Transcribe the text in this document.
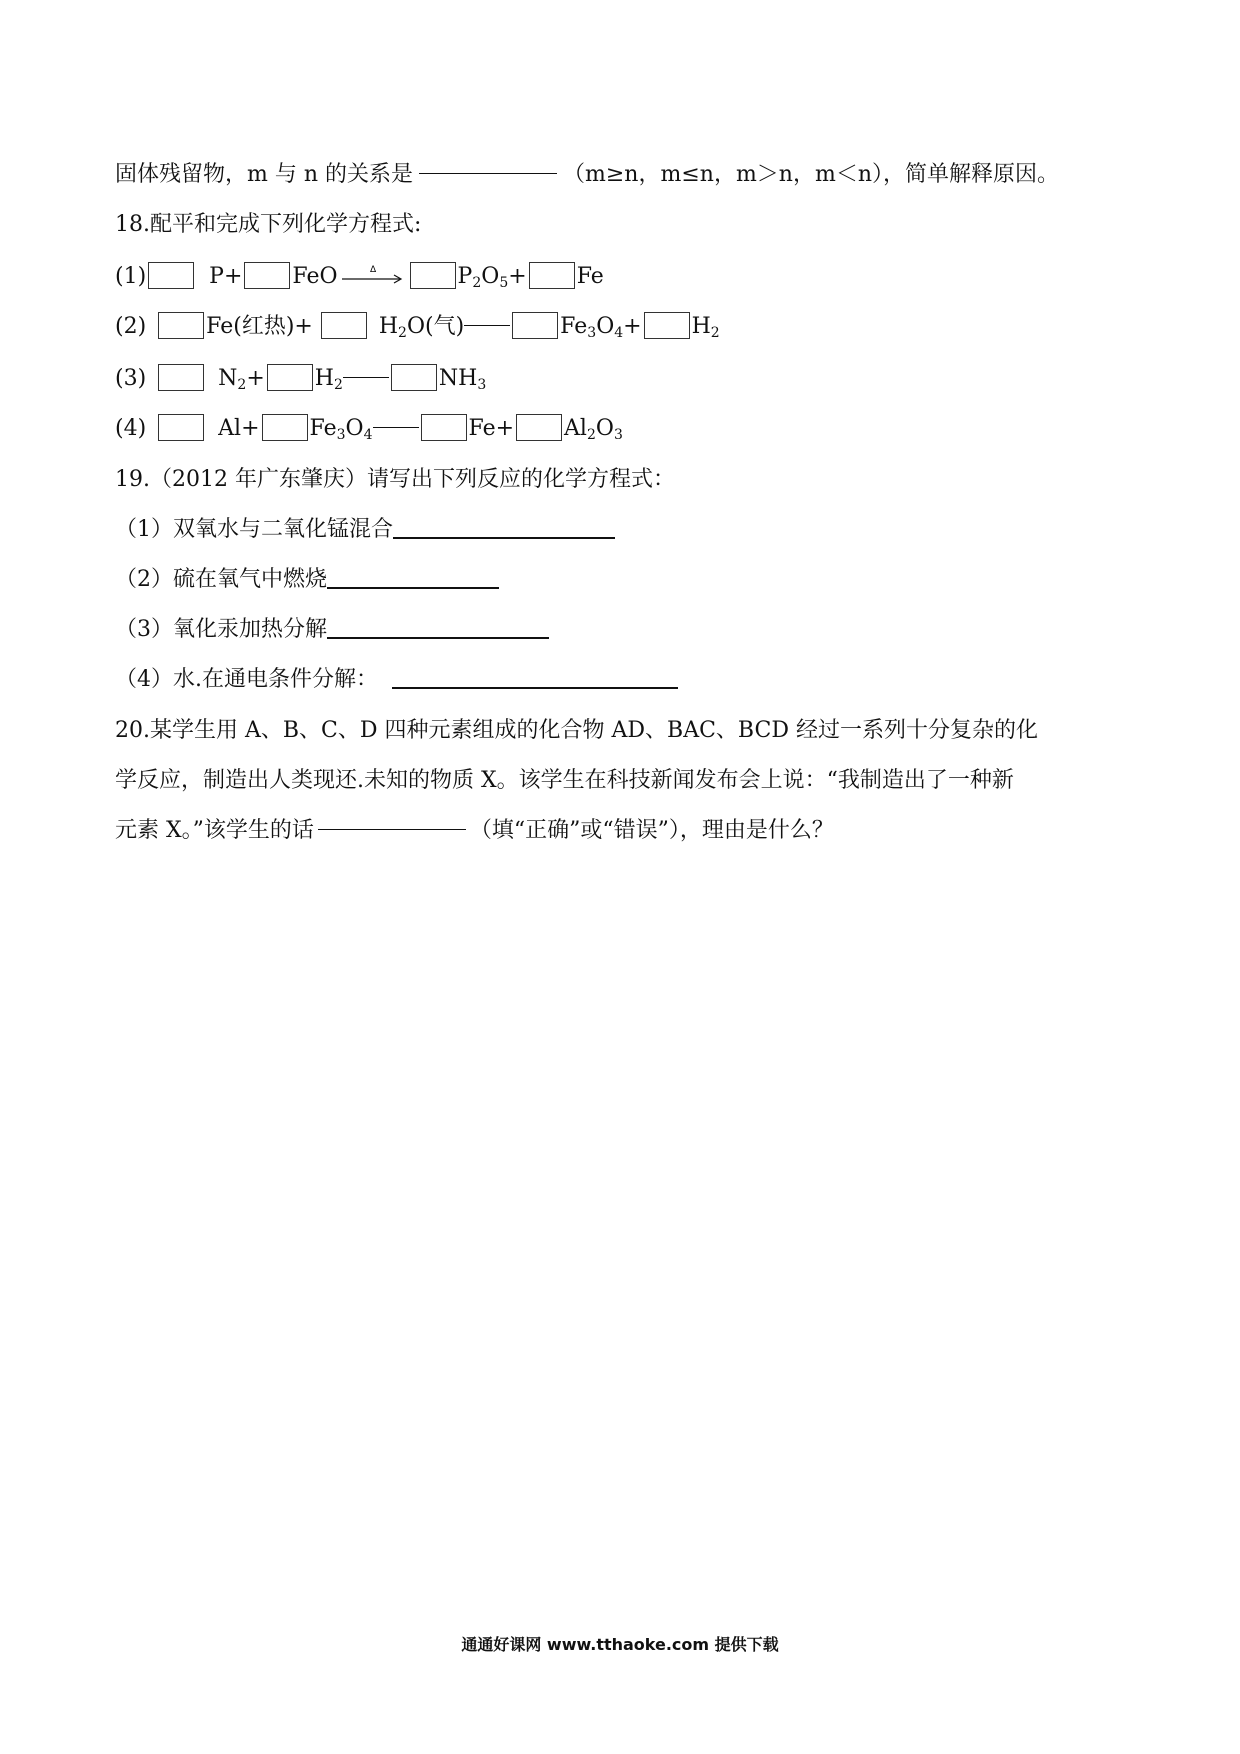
固体残留物，m 与 n 的关系是	（m≥n，m≤n，m＞n，m＜n），简单解释原因。
18.配平和完成下列化学方程式:
(1)	P+ FeO	Δ	$P_2O_5+ Fe$
(2)	Fe(红热)+	$H_2O$(气)	$Fe_3O_4+ H_2$
(3)	$N_2+ H_2$	$NH_3$
(4)	$Al+ Fe_3O_4$	$Fe+ Al_2O_3$
19.（2012 年广东肇庆）请写出下列反应的化学方程式：
（1）双氧水与二氧化锰混合
（2）硫在氧气中燃烧
（3）氧化汞加热分解
（4）水.在通电条件分解：
20.某学生用 A、B、C、D 四种元素组成的化合物 AD、BAC、BCD 经过一系列十分复杂的化
学反应，制造出人类现还.未知的物质 X。该学生在科技新闻发布会上说：“我制造出了一种新
元素 X。”该学生的话	（填“正确”或“错误”），理由是什么？
通通好课网 www.tthaoke.com 提供下载
